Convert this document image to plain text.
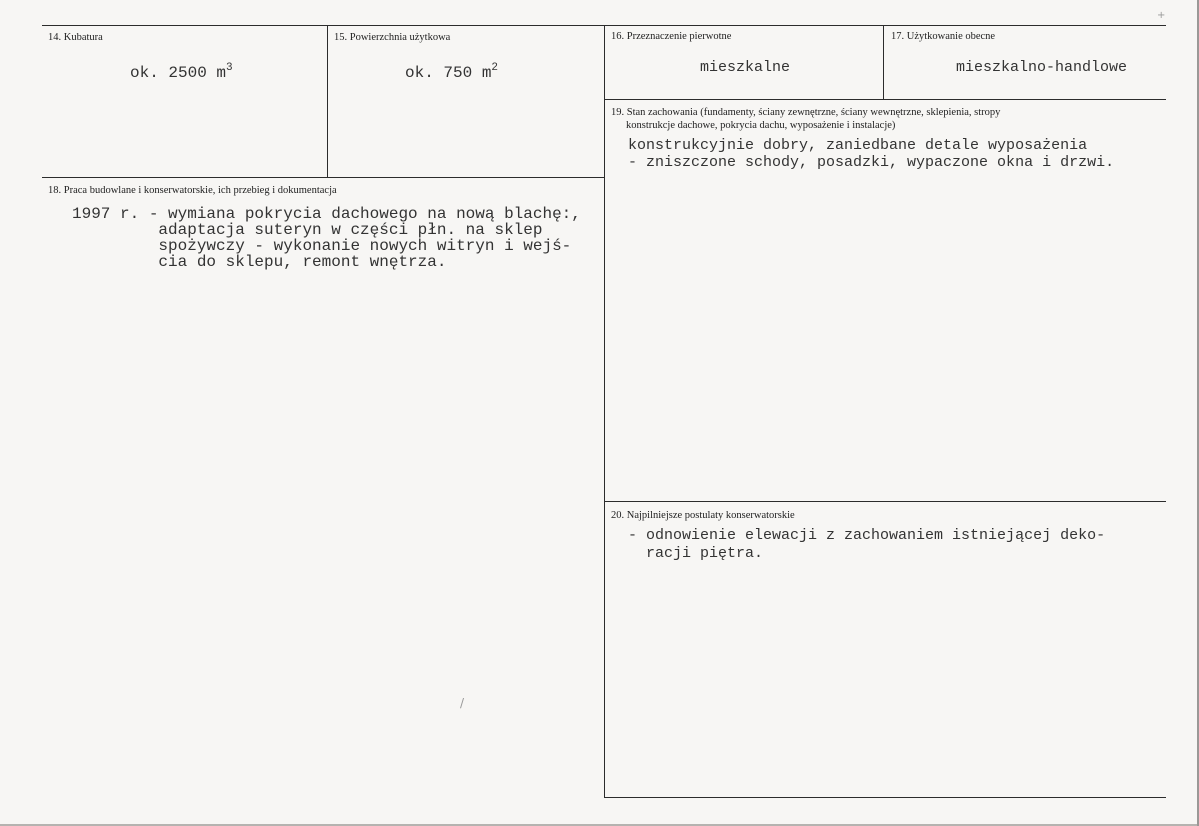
14. Kubatura
ok. 2500 $m^3$
15. Powierzchnia użytkowa
ok. 750 $m^2$
16. Przeznaczenie pierwotne
mieszkalne
17. Użytkowanie obecne
mieszkalno-handlowe
18. Praca budowlane i konserwatorskie, ich przebieg i dokumentacja
1997 r. - wymiana pokrycia dachowego na nową blachę:,
adaptacja suteryn w części płn. na sklep
spożywczy - wykonanie nowych witryn i wejś-
cia do sklepu, remont wnętrza.
19. Stan zachowania (fundamenty, ściany zewnętrzne, ściany wewnętrzne, sklepienia, stropy
konstrukcje dachowe, pokrycia dachu, wyposażenie i instalacje)
konstrukcyjnie dobry, zaniedbane detale wyposażenia
- zniszczone schody, posadzki, wypaczone okna i drzwi.
20. Najpilniejsze postulaty konserwatorskie
- odnowienie elewacji z zachowaniem istniejącej deko-
racji piętra.
/
+
